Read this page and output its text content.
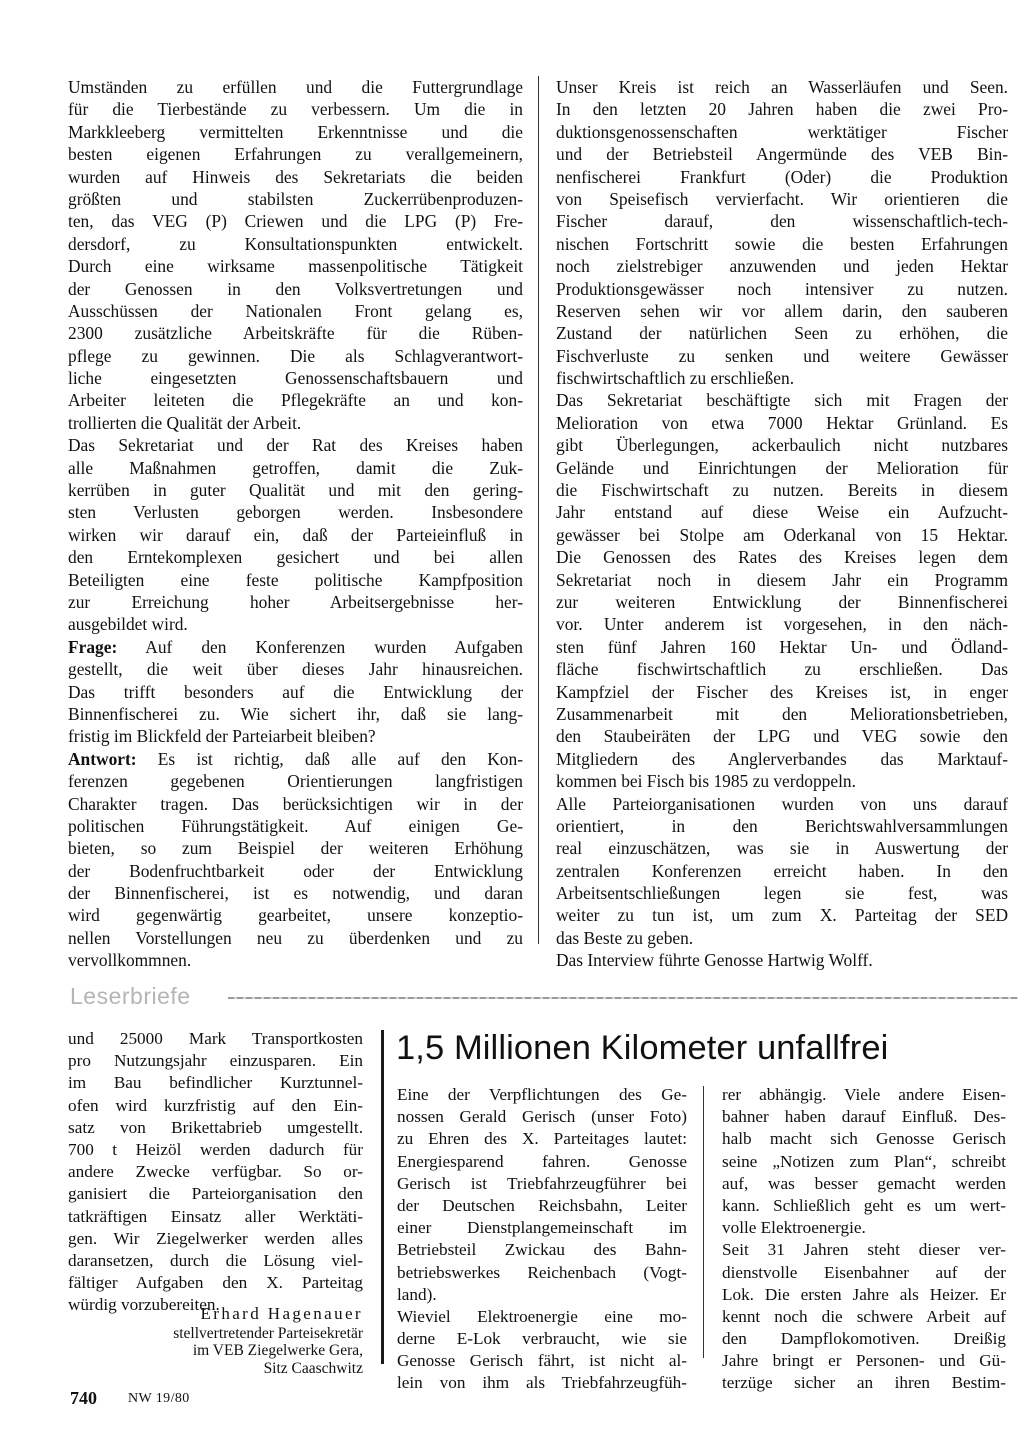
Umständen zu erfüllen und die Futtergrundlage
für die Tierbestände zu verbessern. Um die in
Markkleeberg vermittelten Erkenntnisse und die
besten eigenen Erfahrungen zu verallgemeinern,
wurden auf Hinweis des Sekretariats die beiden
größten und stabilsten Zuckerrübenproduzen-
ten, das VEG (P) Criewen und die LPG (P) Fre-
dersdorf, zu Konsultationspunkten entwickelt.
Durch eine wirksame massenpolitische Tätigkeit
der Genossen in den Volksvertretungen und
Ausschüssen der Nationalen Front gelang es,
2300 zusätzliche Arbeitskräfte für die Rüben-
pflege zu gewinnen. Die als Schlagverantwort-
liche eingesetzten Genossenschaftsbauern und
Arbeiter leiteten die Pflegekräfte an und kon-
trollierten die Qualität der Arbeit.
Das Sekretariat und der Rat des Kreises haben
alle Maßnahmen getroffen, damit die Zuk-
kerrüben in guter Qualität und mit den gering-
sten Verlusten geborgen werden. Insbesondere
wirken wir darauf ein, daß der Parteieinfluß in
den Erntekomplexen gesichert und bei allen
Beteiligten eine feste politische Kampfposition
zur Erreichung hoher Arbeitsergebnisse her-
ausgebildet wird.
Frage: Auf den Konferenzen wurden Aufgaben
gestellt, die weit über dieses Jahr hinausreichen.
Das trifft besonders auf die Entwicklung der
Binnenfischerei zu. Wie sichert ihr, daß sie lang-
fristig im Blickfeld der Parteiarbeit bleiben?
Antwort: Es ist richtig, daß alle auf den Kon-
ferenzen gegebenen Orientierungen langfristigen
Charakter tragen. Das berücksichtigen wir in der
politischen Führungstätigkeit. Auf einigen Ge-
bieten, so zum Beispiel der weiteren Erhöhung
der Bodenfruchtbarkeit oder der Entwicklung
der Binnenfischerei, ist es notwendig, und daran
wird gegenwärtig gearbeitet, unsere konzeptio-
nellen Vorstellungen neu zu überdenken und zu
vervollkommnen.
Unser Kreis ist reich an Wasserläufen und Seen.
In den letzten 20 Jahren haben die zwei Pro-
duktionsgenossenschaften werktätiger Fischer
und der Betriebsteil Angermünde des VEB Bin-
nenfischerei Frankfurt (Oder) die Produktion
von Speisefisch vervierfacht. Wir orientieren die
Fischer darauf, den wissenschaftlich-tech-
nischen Fortschritt sowie die besten Erfahrungen
noch zielstrebiger anzuwenden und jeden Hektar
Produktionsgewässer noch intensiver zu nutzen.
Reserven sehen wir vor allem darin, den sauberen
Zustand der natürlichen Seen zu erhöhen, die
Fischverluste zu senken und weitere Gewässer
fischwirtschaftlich zu erschließen.
Das Sekretariat beschäftigte sich mit Fragen der
Melioration von etwa 7000 Hektar Grünland. Es
gibt Überlegungen, ackerbaulich nicht nutzbares
Gelände und Einrichtungen der Melioration für
die Fischwirtschaft zu nutzen. Bereits in diesem
Jahr entstand auf diese Weise ein Aufzucht-
gewässer bei Stolpe am Oderkanal von 15 Hektar.
Die Genossen des Rates des Kreises legen dem
Sekretariat noch in diesem Jahr ein Programm
zur weiteren Entwicklung der Binnenfischerei
vor. Unter anderem ist vorgesehen, in den näch-
sten fünf Jahren 160 Hektar Un- und Ödland-
fläche fischwirtschaftlich zu erschließen. Das
Kampfziel der Fischer des Kreises ist, in enger
Zusammenarbeit mit den Meliorationsbetrieben,
den Staubeiräten der LPG und VEG sowie den
Mitgliedern des Anglerverbandes das Marktauf-
kommen bei Fisch bis 1985 zu verdoppeln.
Alle Parteiorganisationen wurden von uns darauf
orientiert, in den Berichtswahlversammlungen
real einzuschätzen, was sie in Auswertung der
zentralen Konferenzen erreicht haben. In den
Arbeitsentschließungen legen sie fest, was
weiter zu tun ist, um zum X. Parteitag der SED
das Beste zu geben.
Das Interview führte Genosse Hartwig Wolff.
Leserbriefe
und 25000 Mark Transportkosten
pro Nutzungsjahr einzusparen. Ein
im Bau befindlicher Kurztunnel-
ofen wird kurzfristig auf den Ein-
satz von Brikettabrieb umgestellt.
700 t Heizöl werden dadurch für
andere Zwecke verfügbar. So or-
ganisiert die Parteiorganisation den
tatkräftigen Einsatz aller Werktäti-
gen. Wir Ziegelwerker werden alles
daransetzen, durch die Lösung viel-
fältiger Aufgaben den X. Parteitag
würdig vorzubereiten.
Erhard Hagenauer
stellvertretender Parteisekretär
im VEB Ziegelwerke Gera,
Sitz Caaschwitz
1,5 Millionen Kilometer unfallfrei
Eine der Verpflichtungen des Ge-
nossen Gerald Gerisch (unser Foto)
zu Ehren des X. Parteitages lautet:
Energiesparend fahren. Genosse
Gerisch ist Triebfahrzeugführer bei
der Deutschen Reichsbahn, Leiter
einer Dienstplangemeinschaft im
Betriebsteil Zwickau des Bahn-
betriebswerkes Reichenbach (Vogt-
land).
Wieviel Elektroenergie eine mo-
derne E-Lok verbraucht, wie sie
Genosse Gerisch fährt, ist nicht al-
lein von ihm als Triebfahrzeugfüh-
rer abhängig. Viele andere Eisen-
bahner haben darauf Einfluß. Des-
halb macht sich Genosse Gerisch
seine „Notizen zum Plan“, schreibt
auf, was besser gemacht werden
kann. Schließlich geht es um wert-
volle Elektroenergie.
Seit 31 Jahren steht dieser ver-
dienstvolle Eisenbahner auf der
Lok. Die ersten Jahre als Heizer. Er
kennt noch die schwere Arbeit auf
den Dampflokomotiven. Dreißig
Jahre bringt er Personen- und Gü-
terzüge sicher an ihren Bestim-
740 NW 19/80
